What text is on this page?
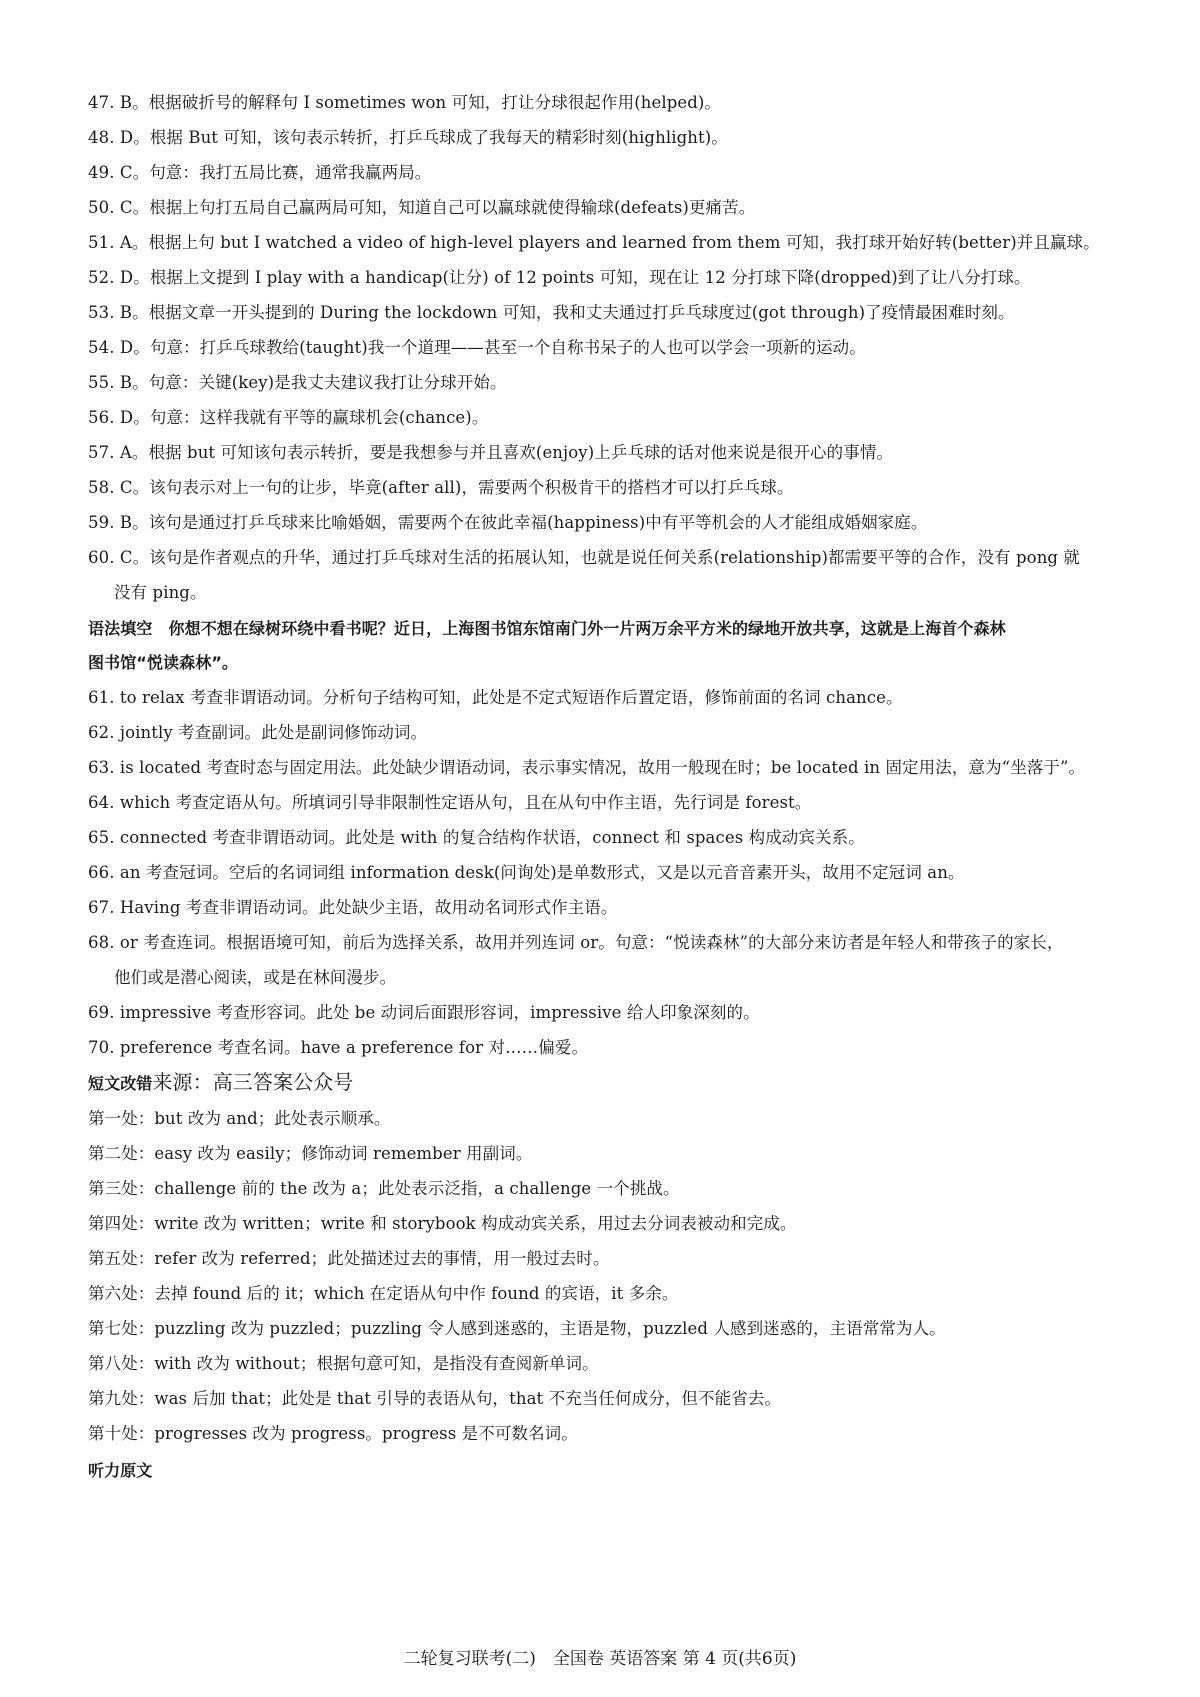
47. B。根据破折号的解释句 I sometimes won 可知，打让分球很起作用(helped)。
48. D。根据 But 可知，该句表示转折，打乒乓球成了我每天的精彩时刻(highlight)。
49. C。句意：我打五局比赛，通常我赢两局。
50. C。根据上句打五局自己赢两局可知，知道自己可以赢球就使得输球(defeats)更痛苦。
51. A。根据上句 but I watched a video of high-level players and learned from them 可知，我打球开始好转(better)并且赢球。
52. D。根据上文提到 I play with a handicap(让分) of 12 points 可知，现在让 12 分打球下降(dropped)到了让八分打球。
53. B。根据文章一开头提到的 During the lockdown 可知，我和丈夫通过打乒乓球度过(got through)了疫情最困难时刻。
54. D。句意：打乒乓球教给(taught)我一个道理——甚至一个自称书呆子的人也可以学会一项新的运动。
55. B。句意：关键(key)是我丈夫建议我打让分球开始。
56. D。句意：这样我就有平等的赢球机会(chance)。
57. A。根据 but 可知该句表示转折，要是我想参与并且喜欢(enjoy)上乒乓球的话对他来说是很开心的事情。
58. C。该句表示对上一句的让步，毕竟(after all)，需要两个积极肯干的搭档才可以打乒乓球。
59. B。该句是通过打乒乓球来比喻婚姻，需要两个在彼此幸福(happiness)中有平等机会的人才能组成婚姻家庭。
60. C。该句是作者观点的升华，通过打乒乓球对生活的拓展认知，也就是说任何关系(relationship)都需要平等的合作，没有 pong 就
没有 ping。
语法填空　你想不想在绿树环绕中看书呢？近日，上海图书馆东馆南门外一片两万余平方米的绿地开放共享，这就是上海首个森林
图书馆“悦读森林”。
61. to relax 考查非谓语动词。分析句子结构可知，此处是不定式短语作后置定语，修饰前面的名词 chance。
62. jointly 考查副词。此处是副词修饰动词。
63. is located 考查时态与固定用法。此处缺少谓语动词，表示事实情况，故用一般现在时；be located in 固定用法，意为“坐落于”。
64. which 考查定语从句。所填词引导非限制性定语从句，且在从句中作主语，先行词是 forest。
65. connected 考查非谓语动词。此处是 with 的复合结构作状语，connect 和 spaces 构成动宾关系。
66. an 考查冠词。空后的名词词组 information desk(问询处)是单数形式，又是以元音音素开头，故用不定冠词 an。
67. Having 考查非谓语动词。此处缺少主语，故用动名词形式作主语。
68. or 考查连词。根据语境可知，前后为选择关系，故用并列连词 or。句意：“悦读森林”的大部分来访者是年轻人和带孩子的家长，
他们或是潜心阅读，或是在林间漫步。
69. impressive 考查形容词。此处 be 动词后面跟形容词，impressive 给人印象深刻的。
70. preference 考查名词。have a preference for 对……偏爱。
短文改错来源：高三答案公众号
第一处：but 改为 and；此处表示顺承。
第二处：easy 改为 easily；修饰动词 remember 用副词。
第三处：challenge 前的 the 改为 a；此处表示泛指，a challenge 一个挑战。
第四处：write 改为 written；write 和 storybook 构成动宾关系，用过去分词表被动和完成。
第五处：refer 改为 referred；此处描述过去的事情，用一般过去时。
第六处：去掉 found 后的 it；which 在定语从句中作 found 的宾语，it 多余。
第七处：puzzling 改为 puzzled；puzzling 令人感到迷惑的，主语是物，puzzled 人感到迷惑的，主语常常为人。
第八处：with 改为 without；根据句意可知，是指没有查阅新单词。
第九处：was 后加 that；此处是 that 引导的表语从句，that 不充当任何成分，但不能省去。
第十处：progresses 改为 progress。progress 是不可数名词。
听力原文
二轮复习联考(二)　全国卷 英语答案 第 4 页(共6页)
